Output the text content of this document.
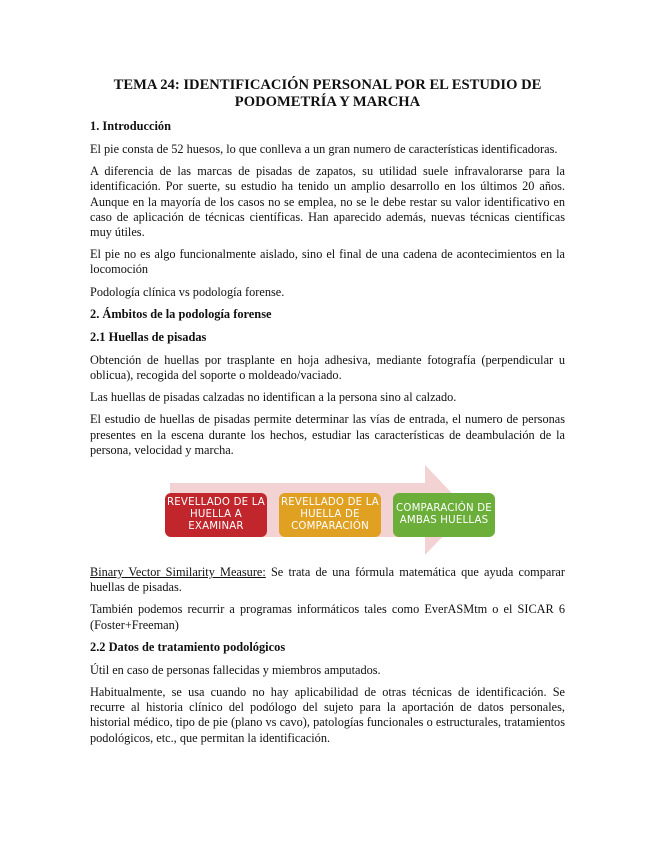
TEMA 24: IDENTIFICACIÓN PERSONAL POR EL ESTUDIO DE
PODOMETRÍA Y MARCHA
1. Introducción

El pie consta de 52 huesos, lo que conlleva a un gran numero de características identificadoras.

A diferencia de las marcas de pisadas de zapatos, su utilidad suele infravalorarse para la identificación. Por suerte, su estudio ha tenido un amplio desarrollo en los últimos 20 años. Aunque en la mayoría de los casos no se emplea, no se le debe restar su valor identificativo en caso de aplicación de técnicas científicas. Han aparecido además, nuevas técnicas científicas muy útiles.

El pie no es algo funcionalmente aislado, sino el final de una cadena de acontecimientos en la locomoción

Podología clínica vs podología forense.

2. Ámbitos de la podología forense
2.1 Huellas de pisadas

Obtención de huellas por trasplante en hoja adhesiva, mediante fotografía (perpendicular u oblicua), recogida del soporte o moldeado/vaciado.

Las huellas de pisadas calzadas no identifican a la persona sino al calzado.

El estudio de huellas de pisadas permite determinar las vías de entrada, el numero de personas presentes en la escena durante los hechos, estudiar las características de deambulación de la persona, velocidad y marcha.

REVELLADO DE LA HUELLA A EXAMINAR
REVELLADO DE LA HUELLA DE COMPARACIÓN
COMPARACIÓN DE AMBAS HUELLAS

Binary Vector Similarity Measure: Se trata de una fórmula matemática que ayuda comparar huellas de pisadas.

También podemos recurrir a programas informáticos tales como EverASMtm o el SICAR 6 (Foster+Freeman)

2.2 Datos de tratamiento podológicos

Útil en caso de personas fallecidas y miembros amputados.

Habitualmente, se usa cuando no hay aplicabilidad de otras técnicas de identificación. Se recurre al historia clínico del podólogo del sujeto para la aportación de datos personales, historial médico, tipo de pie (plano vs cavo), patologías funcionales o estructurales, tratamientos podológicos, etc., que permitan la identificación.
